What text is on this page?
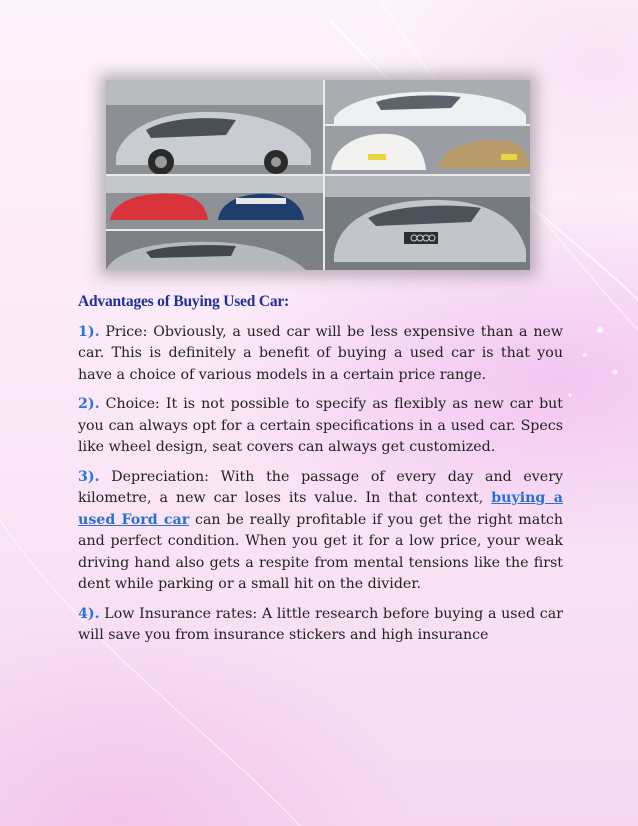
Advantages of Buying Used Car:

1). Price: Obviously, a used car will be less expensive than a new car. This is definitely a benefit of buying a used car is that you have a choice of various models in a certain price range.

2). Choice: It is not possible to specify as flexibly as new car but you can always opt for a certain specifications in a used car. Specs like wheel design, seat covers can always get customized.

3). Depreciation: With the passage of every day and every kilometre, a new car loses its value. In that context, buying a used Ford car can be really profitable if you get the right match and perfect condition. When you get it for a low price, your weak driving hand also gets a respite from mental tensions like the first dent while parking or a small hit on the divider.

4). Low Insurance rates: A little research before buying a used car will save you from insurance stickers and high insurance
